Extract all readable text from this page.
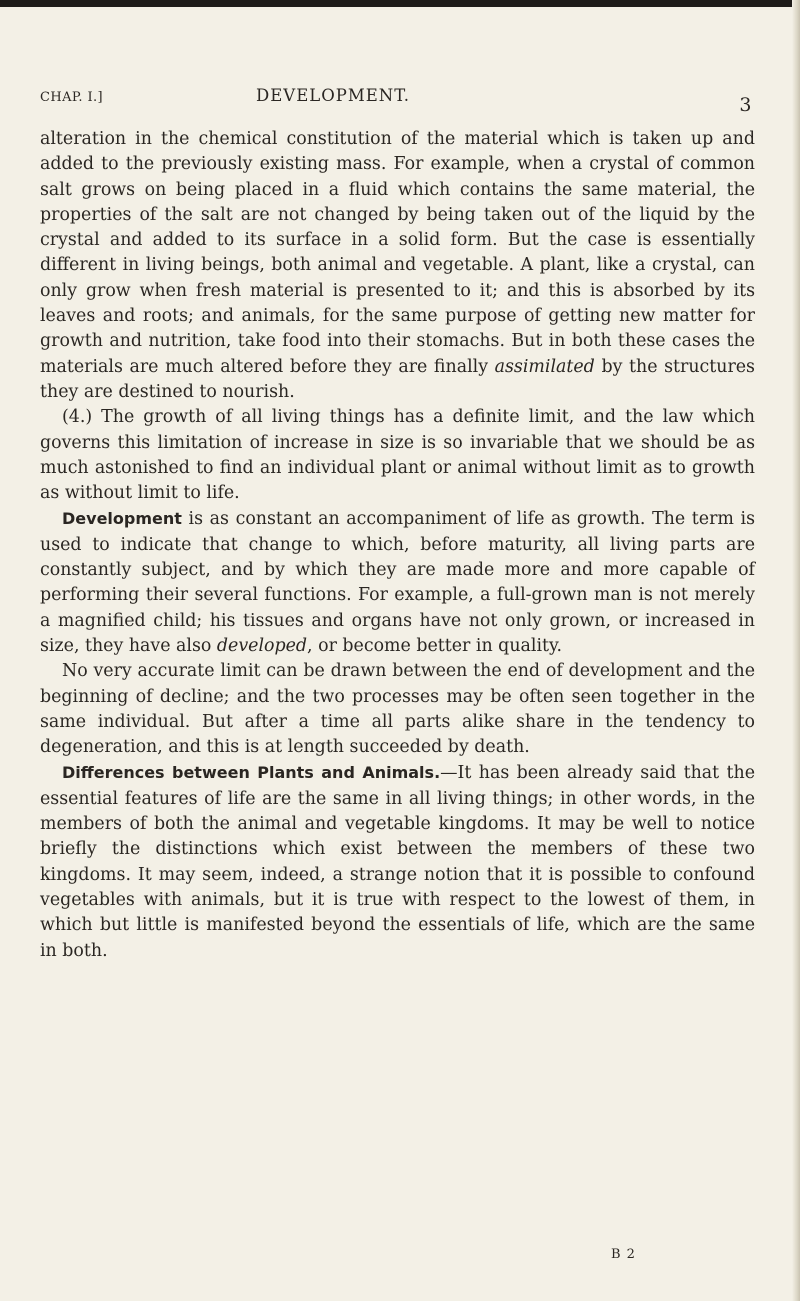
CHAP. I.]	DEVELOPMENT.	3

alteration in the chemical constitution of the material which is taken up and added to the previously existing mass. For example, when a crystal of common salt grows on being placed in a fluid which contains the same material, the properties of the salt are not changed by being taken out of the liquid by the crystal and added to its surface in a solid form. But the case is essentially different in living beings, both animal and vegetable. A plant, like a crystal, can only grow when fresh material is presented to it; and this is absorbed by its leaves and roots; and animals, for the same purpose of getting new matter for growth and nutrition, take food into their stomachs. But in both these cases the materials are much altered before they are finally assimilated by the structures they are destined to nourish.

(4.) The growth of all living things has a definite limit, and the law which governs this limitation of increase in size is so invariable that we should be as much astonished to find an individual plant or animal without limit as to growth as without limit to life.

Development is as constant an accompaniment of life as growth. The term is used to indicate that change to which, before maturity, all living parts are constantly subject, and by which they are made more and more capable of performing their several functions. For example, a full-grown man is not merely a magnified child; his tissues and organs have not only grown, or increased in size, they have also developed, or become better in quality.

No very accurate limit can be drawn between the end of development and the beginning of decline; and the two processes may be often seen together in the same individual. But after a time all parts alike share in the tendency to degeneration, and this is at length succeeded by death.

Differences between Plants and Animals.—It has been already said that the essential features of life are the same in all living things; in other words, in the members of both the animal and vegetable kingdoms. It may be well to notice briefly the distinctions which exist between the members of these two kingdoms. It may seem, indeed, a strange notion that it is possible to confound vegetables with animals, but it is true with respect to the lowest of them, in which but little is manifested beyond the essentials of life, which are the same in both.

B 2
